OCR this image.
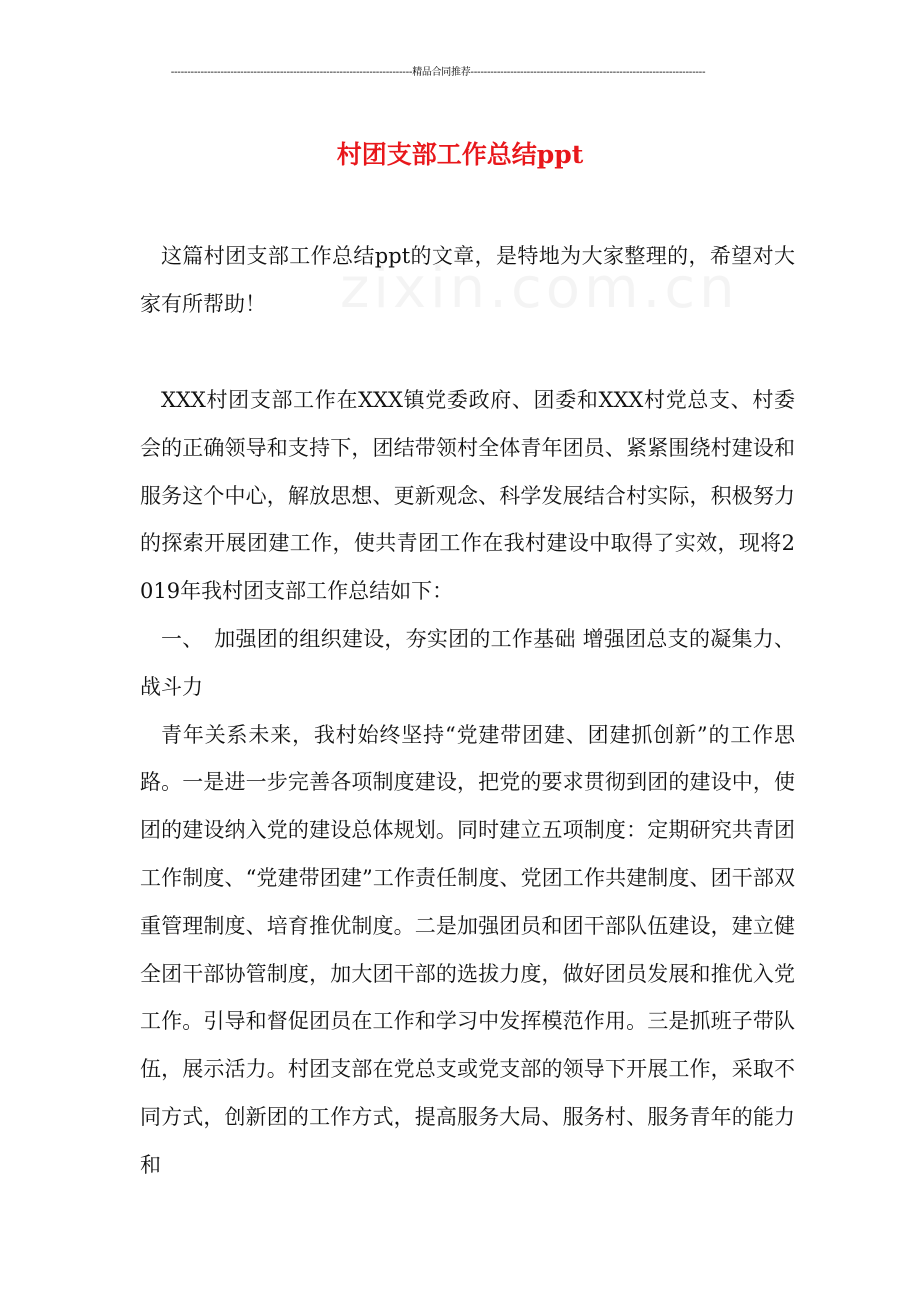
-------------------------------------------------------------------------精品合同推荐-----------------------------------------------------------------------
村团支部工作总结ppt

这篇村团支部工作总结ppt的文章，是特地为大家整理的，希望对大家有所帮助！

XXX村团支部工作在XXX镇党委政府、团委和XXX村党总支、村委会的正确领导和支持下，团结带领村全体青年团员、紧紧围绕村建设和服务这个中心，解放思想、更新观念、科学发展结合村实际，积极努力的探索开展团建工作，使共青团工作在我村建设中取得了实效，现将2019年我村团支部工作总结如下：

一、　加强团的组织建设，夯实团的工作基础 增强团总支的凝集力、战斗力

青年关系未来，我村始终坚持“党建带团建、团建抓创新”的工作思路。一是进一步完善各项制度建设，把党的要求贯彻到团的建设中，使团的建设纳入党的建设总体规划。同时建立五项制度：定期研究共青团工作制度、“党建带团建”工作责任制度、党团工作共建制度、团干部双重管理制度、培育推优制度。二是加强团员和团干部队伍建设，建立健全团干部协管制度，加大团干部的选拔力度，做好团员发展和推优入党工作。引导和督促团员在工作和学习中发挥模范作用。三是抓班子带队伍，展示活力。村团支部在党总支或党支部的领导下开展工作，采取不同方式，创新团的工作方式，提高服务大局、服务村、服务青年的能力和
